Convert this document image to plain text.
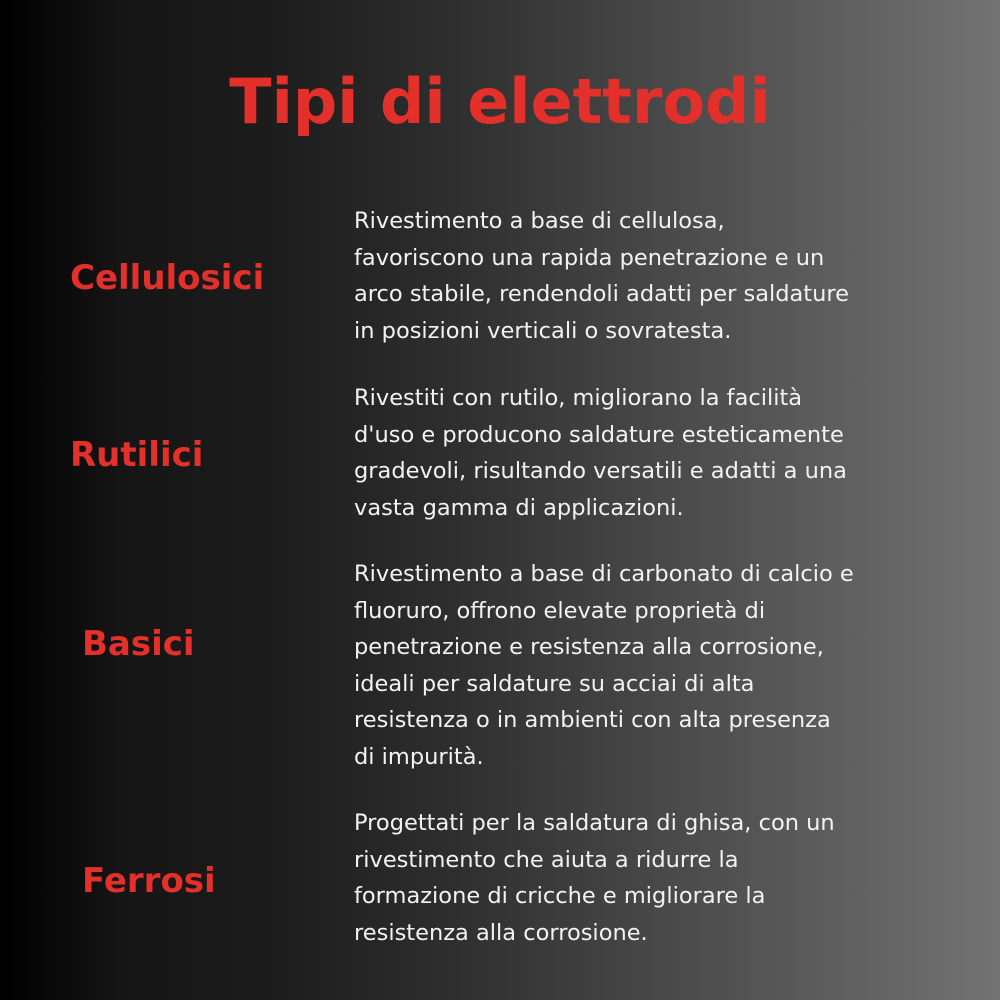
Tipi di elettrodi
Cellulosici

Rivestimento a base di cellulosa,
favoriscono una rapida penetrazione e un
arco stabile, rendendoli adatti per saldature
in posizioni verticali o sovratesta.

Rutilici

Rivestiti con rutilo, migliorano la facilità
d'uso e producono saldature esteticamente
gradevoli, risultando versatili e adatti a una
vasta gamma di applicazioni.

Basici

Rivestimento a base di carbonato di calcio e
fluoruro, offrono elevate proprietà di
penetrazione e resistenza alla corrosione,
ideali per saldature su acciai di alta
resistenza o in ambienti con alta presenza
di impurità.

Ferrosi

Progettati per la saldatura di ghisa, con un
rivestimento che aiuta a ridurre la
formazione di cricche e migliorare la
resistenza alla corrosione.
